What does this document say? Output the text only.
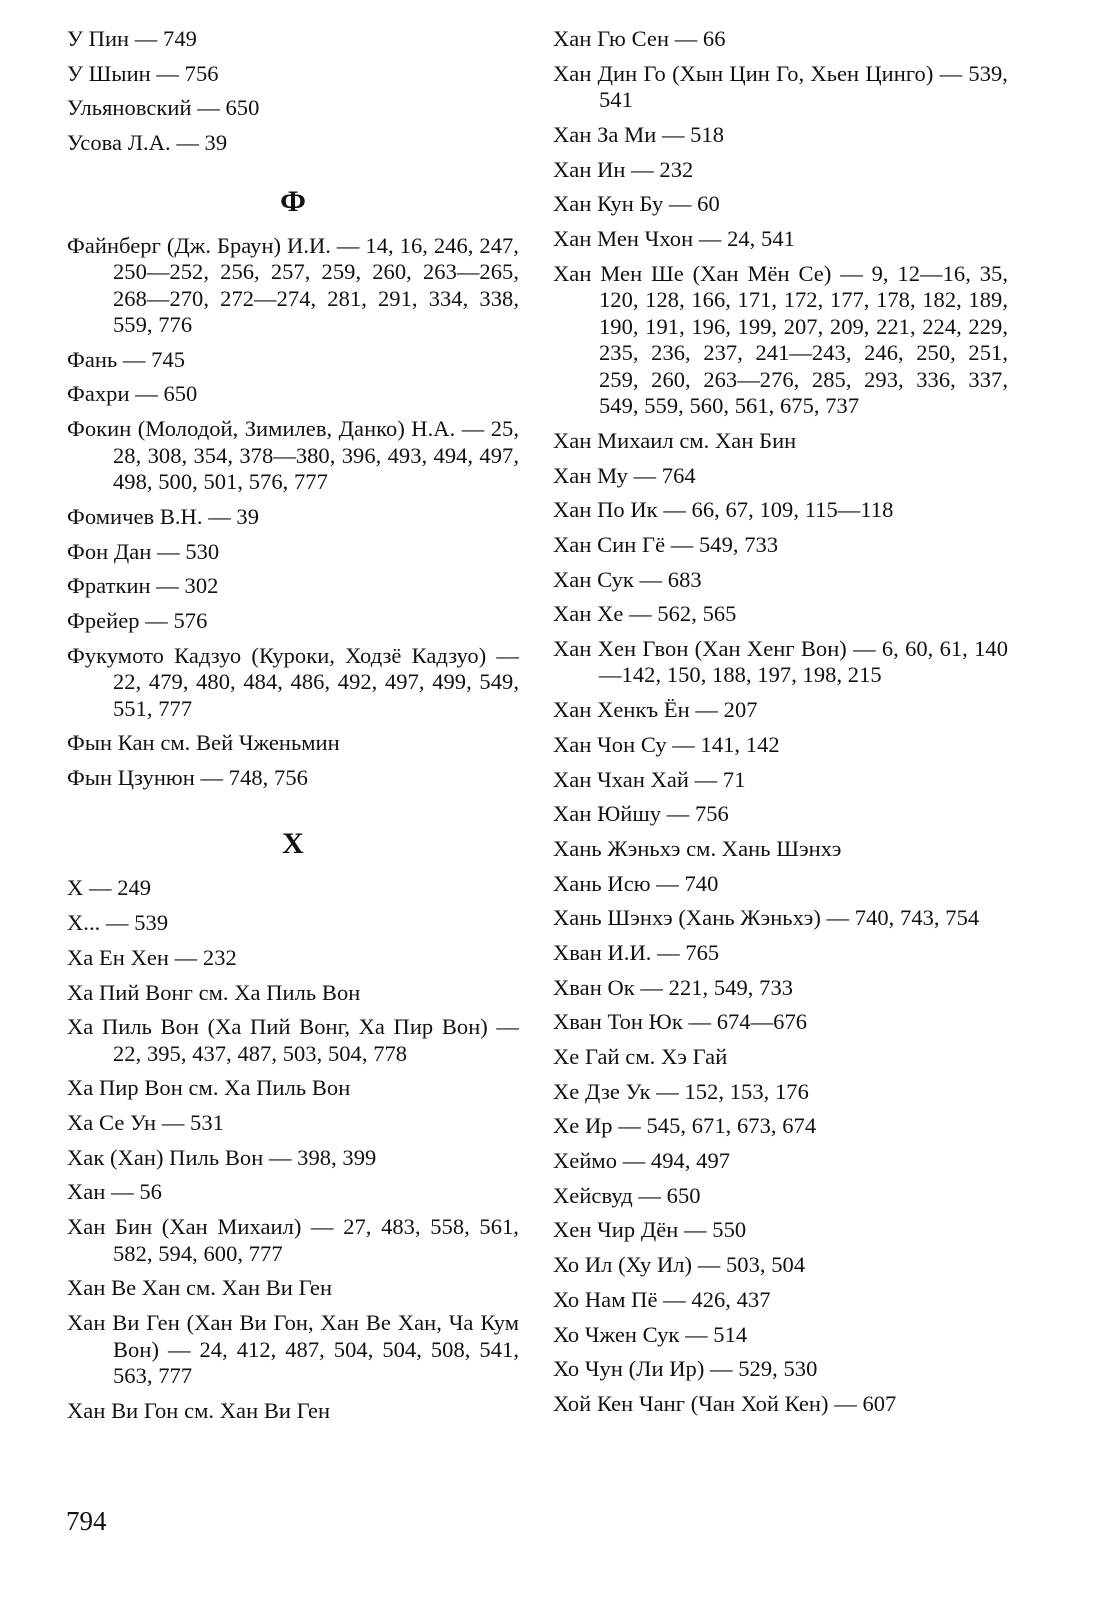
У Пин — 749

У Шыин — 756

Ульяновский — 650

Усова Л.А. — 39

Ф

Файнберг (Дж. Браун) И.И. — 14, 16, 246, 247, 250—252, 256, 257, 259, 260, 263—265, 268—270, 272—274, 281, 291, 334, 338, 559, 776

Фань — 745

Фахри — 650

Фокин (Молодой, Зимилев, Данко) Н.А. — 25, 28, 308, 354, 378—380, 396, 493, 494, 497, 498, 500, 501, 576, 777

Фомичев В.Н. — 39

Фон Дан — 530

Фраткин — 302

Фрейер — 576

Фукумото Кадзуо (Куроки, Ходзё Кадзуо) — 22, 479, 480, 484, 486, 492, 497, 499, 549, 551, 777

Фын Кан см. Вей Чженьмин

Фын Цзунюн — 748, 756

Х

Х — 249

Х... — 539

Ха Ен Хен — 232

Ха Пий Вонг см. Ха Пиль Вон

Ха Пиль Вон (Ха Пий Вонг, Ха Пир Вон) — 22, 395, 437, 487, 503, 504, 778

Ха Пир Вон см. Ха Пиль Вон

Ха Се Ун — 531

Хак (Хан) Пиль Вон — 398, 399

Хан — 56

Хан Бин (Хан Михаил) — 27, 483, 558, 561, 582, 594, 600, 777

Хан Ве Хан см. Хан Ви Ген

Хан Ви Ген (Хан Ви Гон, Хан Ве Хан, Ча Кум Вон) — 24, 412, 487, 504, 504, 508, 541, 563, 777

Хан Ви Гон см. Хан Ви Ген

Хан Гю Сен — 66

Хан Дин Го (Хын Цин Го, Хьен Цинго) — 539, 541

Хан За Ми — 518

Хан Ин — 232

Хан Кун Бу — 60

Хан Мен Чхон — 24, 541

Хан Мен Ше (Хан Мён Се) — 9, 12—16, 35, 120, 128, 166, 171, 172, 177, 178, 182, 189, 190, 191, 196, 199, 207, 209, 221, 224, 229, 235, 236, 237, 241—243, 246, 250, 251, 259, 260, 263—276, 285, 293, 336, 337, 549, 559, 560, 561, 675, 737

Хан Михаил см. Хан Бин

Хан Му — 764

Хан По Ик — 66, 67, 109, 115—118

Хан Син Гё — 549, 733

Хан Сук — 683

Хан Хе — 562, 565

Хан Хен Гвон (Хан Хенг Вон) — 6, 60, 61, 140—142, 150, 188, 197, 198, 215

Хан Хенкъ Ён — 207

Хан Чон Су — 141, 142

Хан Чхан Хай — 71

Хан Юйшу — 756

Хань Жэньхэ см. Хань Шэнхэ

Хань Исю — 740

Хань Шэнхэ (Хань Жэньхэ) — 740, 743, 754

Хван И.И. — 765

Хван Ок — 221, 549, 733

Хван Тон Юк — 674—676

Хе Гай см. Хэ Гай

Хе Дзе Ук — 152, 153, 176

Хе Ир — 545, 671, 673, 674

Хеймо — 494, 497

Хейсвуд — 650

Хен Чир Дён — 550

Хо Ил (Ху Ил) — 503, 504

Хо Нам Пё — 426, 437

Хо Чжен Сук — 514

Хо Чун (Ли Ир) — 529, 530

Хой Кен Чанг (Чан Хой Кен) — 607

794
